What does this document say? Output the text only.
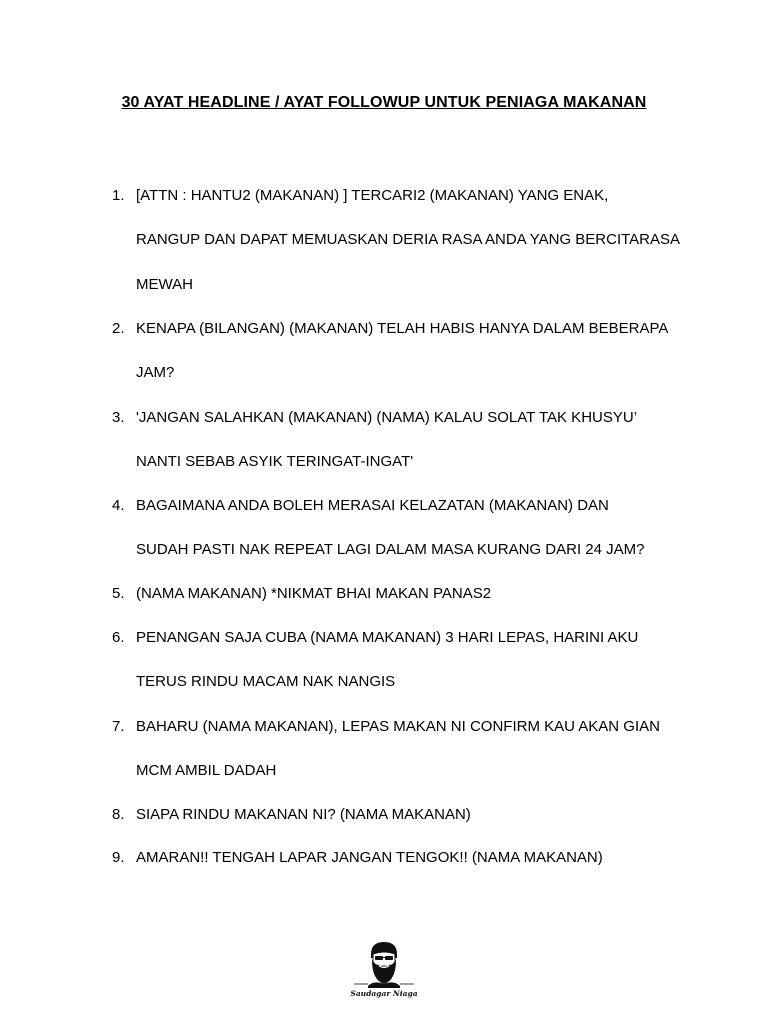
30 AYAT HEADLINE / AYAT FOLLOWUP UNTUK PENIAGA MAKANAN
1. [ATTN : HANTU2 (MAKANAN) ] TERCARI2 (MAKANAN) YANG ENAK,
RANGUP DAN DAPAT MEMUASKAN DERIA RASA ANDA YANG BERCITARASA
MEWAH
2. KENAPA (BILANGAN) (MAKANAN) TELAH HABIS HANYA DALAM BEBERAPA
JAM?
3. 'JANGAN SALAHKAN (MAKANAN) (NAMA) KALAU SOLAT TAK KHUSYU’
NANTI SEBAB ASYIK TERINGAT-INGAT'
4. BAGAIMANA ANDA BOLEH MERASAI KELAZATAN (MAKANAN) DAN
SUDAH PASTI NAK REPEAT LAGI DALAM MASA KURANG DARI 24 JAM?
5. (NAMA MAKANAN) *NIKMAT BHAI MAKAN PANAS2
6. PENANGAN SAJA CUBA (NAMA MAKANAN) 3 HARI LEPAS, HARINI AKU
TERUS RINDU MACAM NAK NANGIS
7. BAHARU (NAMA MAKANAN), LEPAS MAKAN NI CONFIRM KAU AKAN GIAN
MCM AMBIL DADAH
8. SIAPA RINDU MAKANAN NI? (NAMA MAKANAN)
9. AMARAN!! TENGAH LAPAR JANGAN TENGOK!! (NAMA MAKANAN)
Saudagar Niaga
